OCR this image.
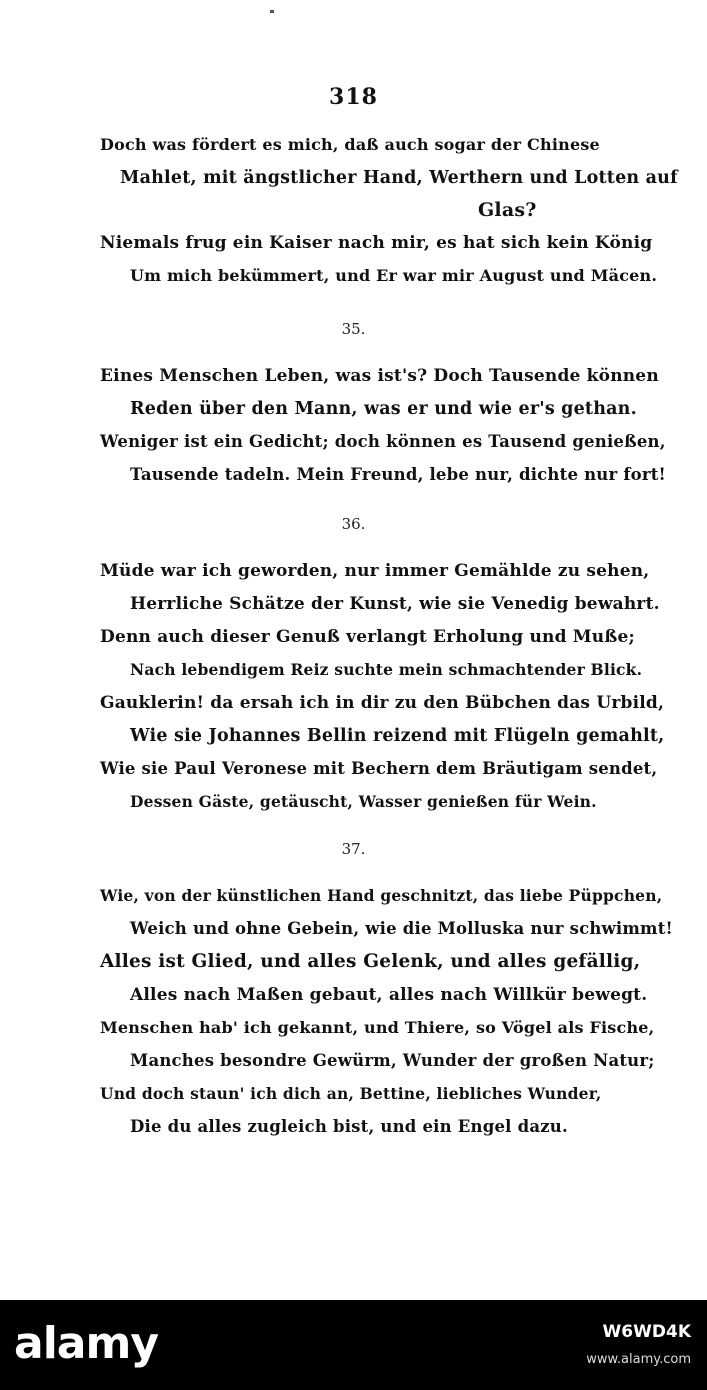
318
Doch was fördert es mich, daß auch sogar der Chinese
Mahlet, mit ängstlicher Hand, Werthern und Lotten auf
Glas?
Niemals frug ein Kaiser nach mir, es hat sich kein König
Um mich bekümmert, und Er war mir August und Mäcen.
35.
Eines Menschen Leben, was ist's? Doch Tausende können
Reden über den Mann, was er und wie er's gethan.
Weniger ist ein Gedicht; doch können es Tausend genießen,
Tausende tadeln. Mein Freund, lebe nur, dichte nur fort!
36.
Müde war ich geworden, nur immer Gemählde zu sehen,
Herrliche Schätze der Kunst, wie sie Venedig bewahrt.
Denn auch dieser Genuß verlangt Erholung und Muße;
Nach lebendigem Reiz suchte mein schmachtender Blick.
Gauklerin! da ersah ich in dir zu den Bübchen das Urbild,
Wie sie Johannes Bellin reizend mit Flügeln gemahlt,
Wie sie Paul Veronese mit Bechern dem Bräutigam sendet,
Dessen Gäste, getäuscht, Wasser genießen für Wein.
37.
Wie, von der künstlichen Hand geschnitzt, das liebe Püppchen,
Weich und ohne Gebein, wie die Molluska nur schwimmt!
Alles ist Glied, und alles Gelenk, und alles gefällig,
Alles nach Maßen gebaut, alles nach Willkür bewegt.
Menschen hab' ich gekannt, und Thiere, so Vögel als Fische,
Manches besondre Gewürm, Wunder der großen Natur;
Und doch staun' ich dich an, Bettine, liebliches Wunder,
Die du alles zugleich bist, und ein Engel dazu.
alamy	W6WD4K
www.alamy.com
